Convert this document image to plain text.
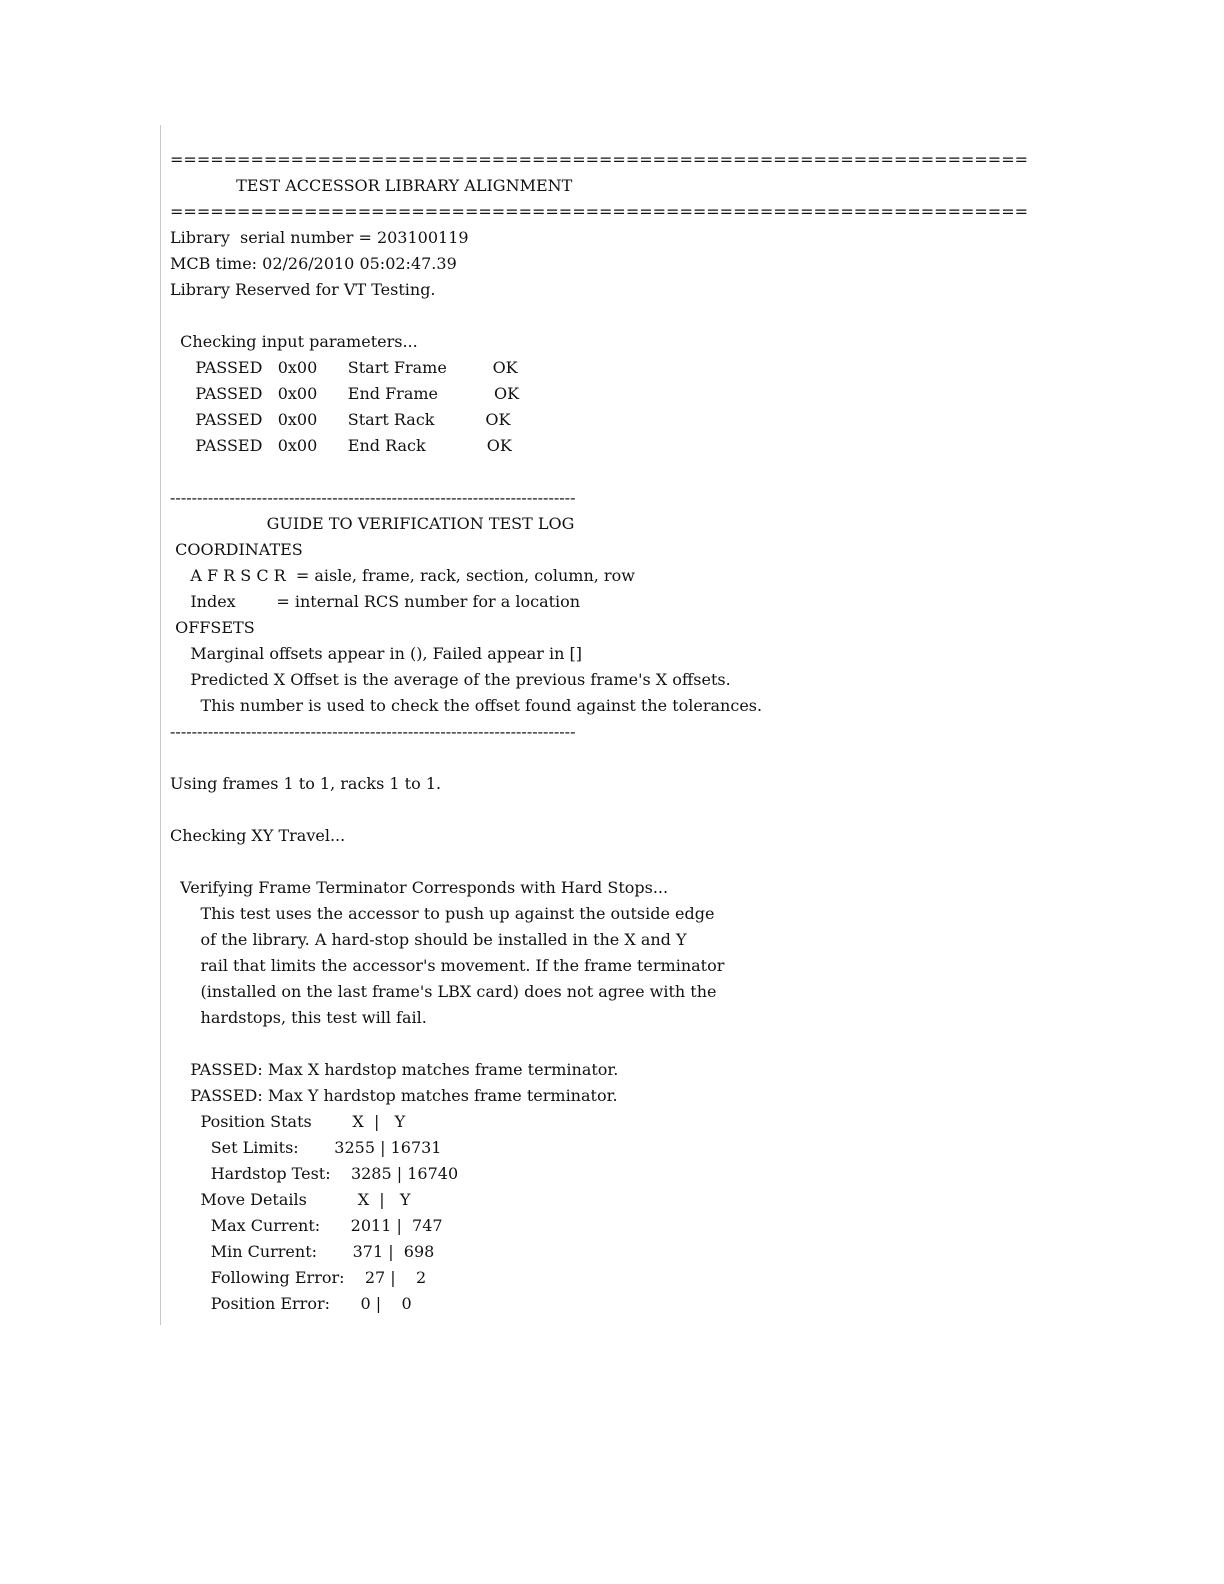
================================================================
TEST ACCESSOR LIBRARY ALIGNMENT
================================================================
Library  serial number = 203100119
MCB time: 02/26/2010 05:02:47.39
Library Reserved for VT Testing.
Checking input parameters...
PASSED   0x00      Start Frame         OK
PASSED   0x00      End Frame           OK
PASSED   0x00      Start Rack          OK
PASSED   0x00      End Rack            OK
---------------------------------------------------------------------------
GUIDE TO VERIFICATION TEST LOG
COORDINATES
A F R S C R  = aisle, frame, rack, section, column, row
Index        = internal RCS number for a location
OFFSETS
Marginal offsets appear in (), Failed appear in []
Predicted X Offset is the average of the previous frame's X offsets.
This number is used to check the offset found against the tolerances.
---------------------------------------------------------------------------
Using frames 1 to 1, racks 1 to 1.
Checking XY Travel...
Verifying Frame Terminator Corresponds with Hard Stops...
This test uses the accessor to push up against the outside edge
of the library. A hard-stop should be installed in the X and Y
rail that limits the accessor's movement. If the frame terminator
(installed on the last frame's LBX card) does not agree with the
hardstops, this test will fail.
PASSED: Max X hardstop matches frame terminator.
PASSED: Max Y hardstop matches frame terminator.
Position Stats        X  |   Y
Set Limits:       3255 | 16731
Hardstop Test:    3285 | 16740
Move Details          X  |   Y
Max Current:      2011 |  747
Min Current:       371 |  698
Following Error:    27 |    2
Position Error:      0 |    0
